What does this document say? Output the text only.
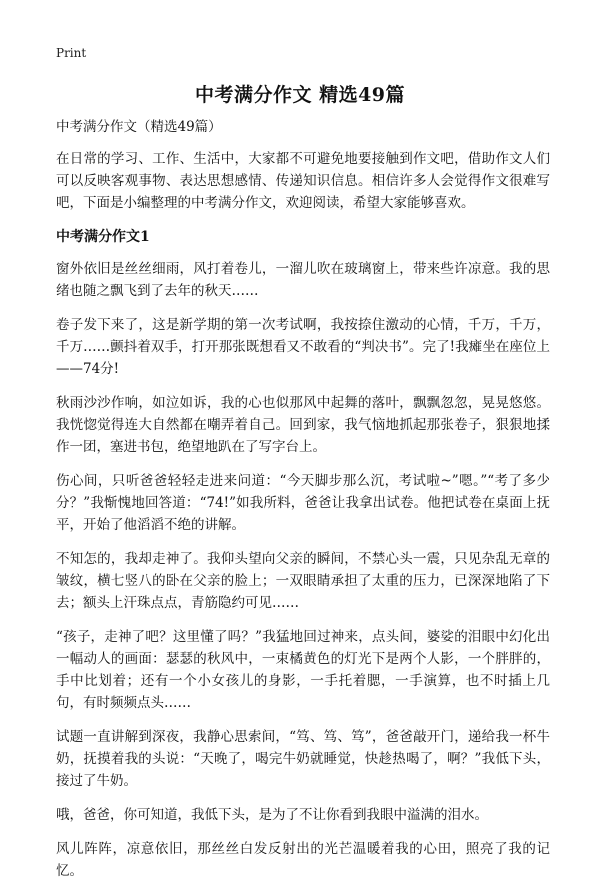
Print
中考满分作文 精选49篇

中考满分作文（精选49篇）

在日常的学习、工作、生活中，大家都不可避免地要接触到作文吧，借助作文人们可以反映客观事物、表达思想感情、传递知识信息。相信许多人会觉得作文很难写吧，下面是小编整理的中考满分作文，欢迎阅读，希望大家能够喜欢。

中考满分作文1

窗外依旧是丝丝细雨，风打着卷儿，一溜儿吹在玻璃窗上，带来些许凉意。我的思绪也随之飘飞到了去年的秋天……

卷子发下来了，这是新学期的第一次考试啊，我按捺住激动的心情，千万，千万，千万……颤抖着双手，打开那张既想看又不敢看的“判决书”。完了!我瘫坐在座位上——74分!

秋雨沙沙作响，如泣如诉，我的心也似那风中起舞的落叶，飘飘忽忽，晃晃悠悠。我恍惚觉得连大自然都在嘲弄着自己。回到家，我气恼地抓起那张卷子，狠狠地揉作一团，塞进书包，绝望地趴在了写字台上。

伤心间，只听爸爸轻轻走进来问道：“今天脚步那么沉，考试啦~”嗯。”“考了多少分？”我惭愧地回答道：“74!”如我所料，爸爸让我拿出试卷。他把试卷在桌面上抚平，开始了他滔滔不绝的讲解。

不知怎的，我却走神了。我仰头望向父亲的瞬间，不禁心头一震，只见杂乱无章的皱纹，横七竖八的卧在父亲的脸上；一双眼睛承担了太重的压力，已深深地陷了下去；额头上汗珠点点，青筋隐约可见……

“孩子，走神了吧？这里懂了吗？”我猛地回过神来，点头间，婆娑的泪眼中幻化出一幅动人的画面：瑟瑟的秋风中，一束橘黄色的灯光下是两个人影，一个胖胖的，手中比划着；还有一个小女孩儿的身影，一手托着腮，一手演算，也不时插上几句，有时频频点头……

试题一直讲解到深夜，我静心思索间，“笃、笃、笃”，爸爸敲开门，递给我一杯牛奶，抚摸着我的头说：“天晚了，喝完牛奶就睡觉，快趁热喝了，啊？”我低下头，接过了牛奶。

哦，爸爸，你可知道，我低下头，是为了不让你看到我眼中溢满的泪水。

风儿阵阵，凉意依旧，那丝丝白发反射出的光芒温暖着我的心田，照亮了我的记忆。
